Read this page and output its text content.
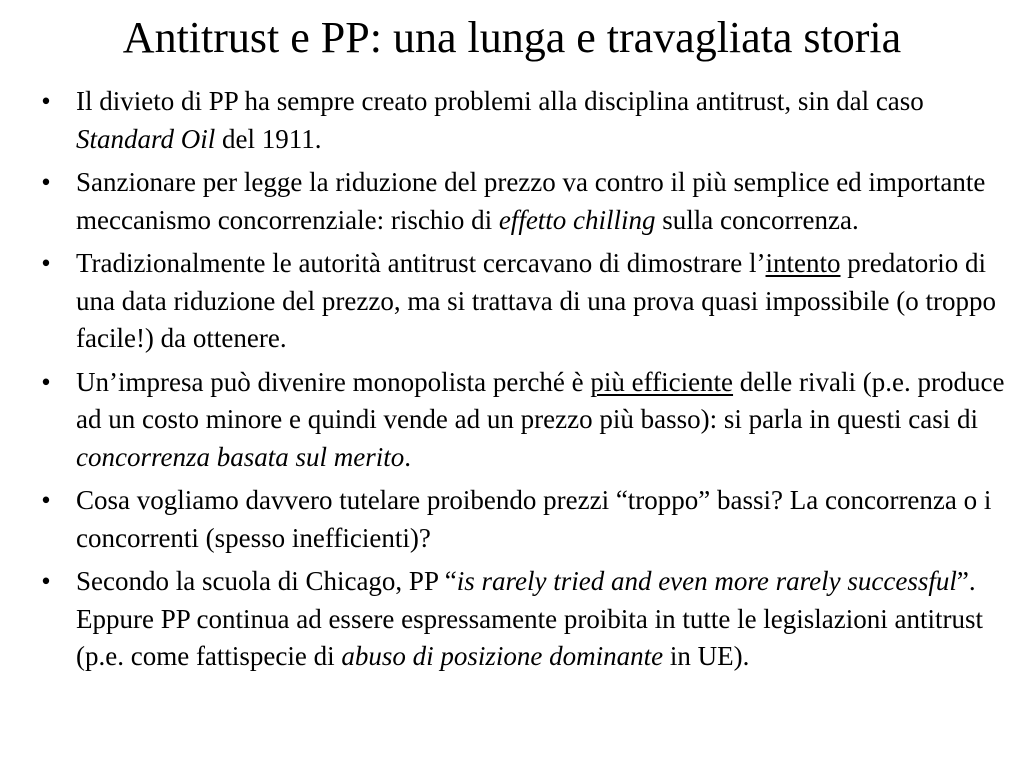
Antitrust e PP: una lunga e travagliata storia
• Il divieto di PP ha sempre creato problemi alla disciplina antitrust, sin dal caso Standard Oil del 1911.
• Sanzionare per legge la riduzione del prezzo va contro il più semplice ed importante meccanismo concorrenziale: rischio di effetto chilling sulla concorrenza.
• Tradizionalmente le autorità antitrust cercavano di dimostrare l’intento predatorio di una data riduzione del prezzo, ma si trattava di una prova quasi impossibile (o troppo facile!) da ottenere.
• Un’impresa può divenire monopolista perché è più efficiente delle rivali (p.e. produce ad un costo minore e quindi vende ad un prezzo più basso): si parla in questi casi di concorrenza basata sul merito.
• Cosa vogliamo davvero tutelare proibendo prezzi “troppo” bassi? La concorrenza o i concorrenti (spesso inefficienti)?
• Secondo la scuola di Chicago, PP “is rarely tried and even more rarely successful”. Eppure PP continua ad essere espressamente proibita in tutte le legislazioni antitrust (p.e. come fattispecie di abuso di posizione dominante in UE).
